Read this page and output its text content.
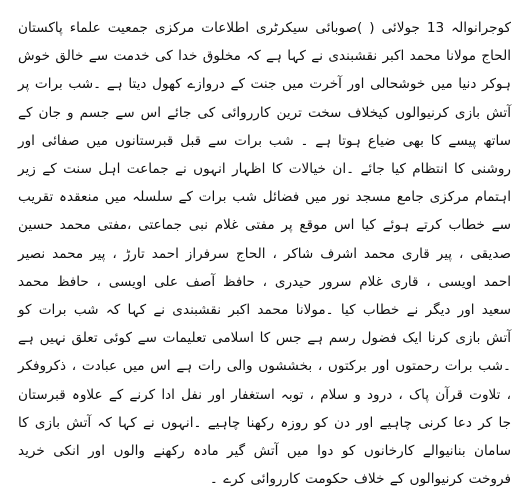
کوجرانوالہ 13 جولائی ( )صوبائی سیکرٹری اطلاعات مرکزی جمعیت علماء پاکستان الحاج مولانا محمد اکبر نقشبندی نے کہا ہے کہ مخلوق خدا کی خدمت سے خالق خوش ہوکر دنیا میں خوشحالی اور آخرت میں جنت کے دروازے کھول دیتا ہے ۔شب برات پر آتش بازی کرنیوالوں کیخلاف سخت ترین کارروائی کی جائے اس سے جسم و جان کے ساتھ پیسے کا بھی ضیاع ہوتا ہے ۔ شب برات سے قبل قبرستانوں میں صفائی اور روشنی کا انتظام کیا جائے ۔ان خیالات کا اظہار انہوں نے جماعت اہل سنت کے زیر اہتمام مرکزی جامع مسجد نور میں فضائل شب برات کے سلسلہ میں منعقدہ تقریب سے خطاب کرتے ہوئے کیا اس موقع پر مفتی غلام نبی جماعتی ،مفتی محمد حسین صدیقی ، پیر قاری محمد اشرف شاکر ، الحاج سرفراز احمد تارڑ ، پیر محمد نصیر احمد اویسی ، قاری غلام سرور حیدری ، حافظ آصف علی اویسی ، حافظ محمد سعید اور دیگر نے خطاب کیا ۔مولانا محمد اکبر نقشبندی نے کہا کہ شب برات کو آتش بازی کرنا ایک فضول رسم ہے جس کا اسلامی تعلیمات سے کوئی تعلق نہیں ہے ۔شب برات رحمتوں اور برکتوں ، بخششوں والی رات ہے اس میں عبادت ، ذکروفکر ، تلاوت قرآن پاک ، درود و سلام ، توبہ استغفار اور نفل ادا کرنے کے علاوہ قبرستان جا کر دعا کرنی چاہیے اور دن کو روزہ رکھنا چاہیے ۔انہوں نے کہا کہ آتش بازی کا سامان بنانیوالے کارخانوں کو دوا میں آتش گیر مادہ رکھنے والوں اور انکی خرید فروخت کرنیوالوں کے خلاف حکومت کارروائی کرے ۔
